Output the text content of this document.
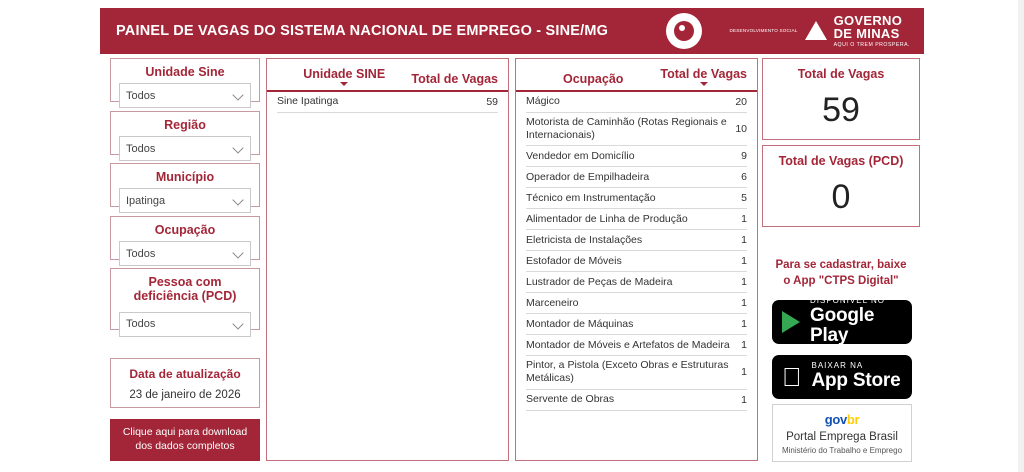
PAINEL DE VAGAS DO SISTEMA NACIONAL DE EMPREGO - SINE/MG	DESENVOLVIMENTO SOCIAL
GOVERNO
DE MINAS
AQUI O TREM PROSPERA.
Unidade Sine
Todos
Região
Todos
Município
Ipatinga
Ocupação
Todos
Pessoa com deficiência (PCD)
Todos
Data de atualização
23 de janeiro de 2026
Clique aqui para download dos dados completos
Unidade SINE	Total de Vagas
Sine Ipatinga	59
Ocupação	Total de Vagas
Mágico	20
Motorista de Caminhão (Rotas Regionais e Internacionais)	10
Vendedor em Domicílio	9
Operador de Empilhadeira	6
Técnico em Instrumentação	5
Alimentador de Linha de Produção	1
Eletricista de Instalações	1
Estofador de Móveis	1
Lustrador de Peças de Madeira	1
Marceneiro	1
Montador de Máquinas	1
Montador de Móveis e Artefatos de Madeira	1
Pintor, a Pistola (Exceto Obras e Estruturas Metálicas)	1
Servente de Obras	1
Total de Vagas
59
Total de Vagas (PCD)
0
Para se cadastrar, baixe
o App "CTPS Digital"
DISPONÍVEL NO
Google Play
BAIXAR NA
App Store
govbr
Portal Emprega Brasil
Ministério do Trabalho e Emprego
